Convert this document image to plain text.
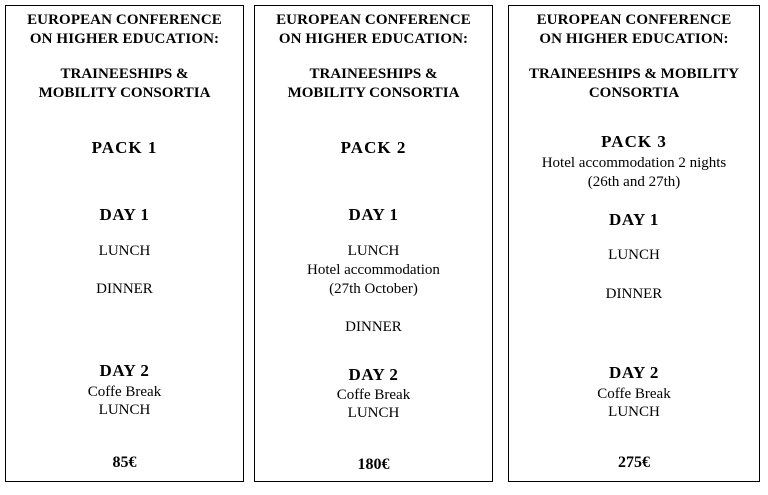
EUROPEAN CONFERENCE
ON HIGHER EDUCATION:
TRAINEESHIPS &
MOBILITY CONSORTIA
PACK 1
DAY 1
LUNCH
DINNER
DAY 2
Coffe Break
LUNCH
85€
EUROPEAN CONFERENCE
ON HIGHER EDUCATION:
TRAINEESHIPS &
MOBILITY CONSORTIA
PACK 2
DAY 1
LUNCH
Hotel accommodation
(27th October)
DINNER
DAY 2
Coffe Break
LUNCH
180€
EUROPEAN CONFERENCE
ON HIGHER EDUCATION:
TRAINEESHIPS & MOBILITY
CONSORTIA
PACK 3
Hotel accommodation 2 nights
(26th and 27th)
DAY 1
LUNCH
DINNER
DAY 2
Coffe Break
LUNCH
275€
